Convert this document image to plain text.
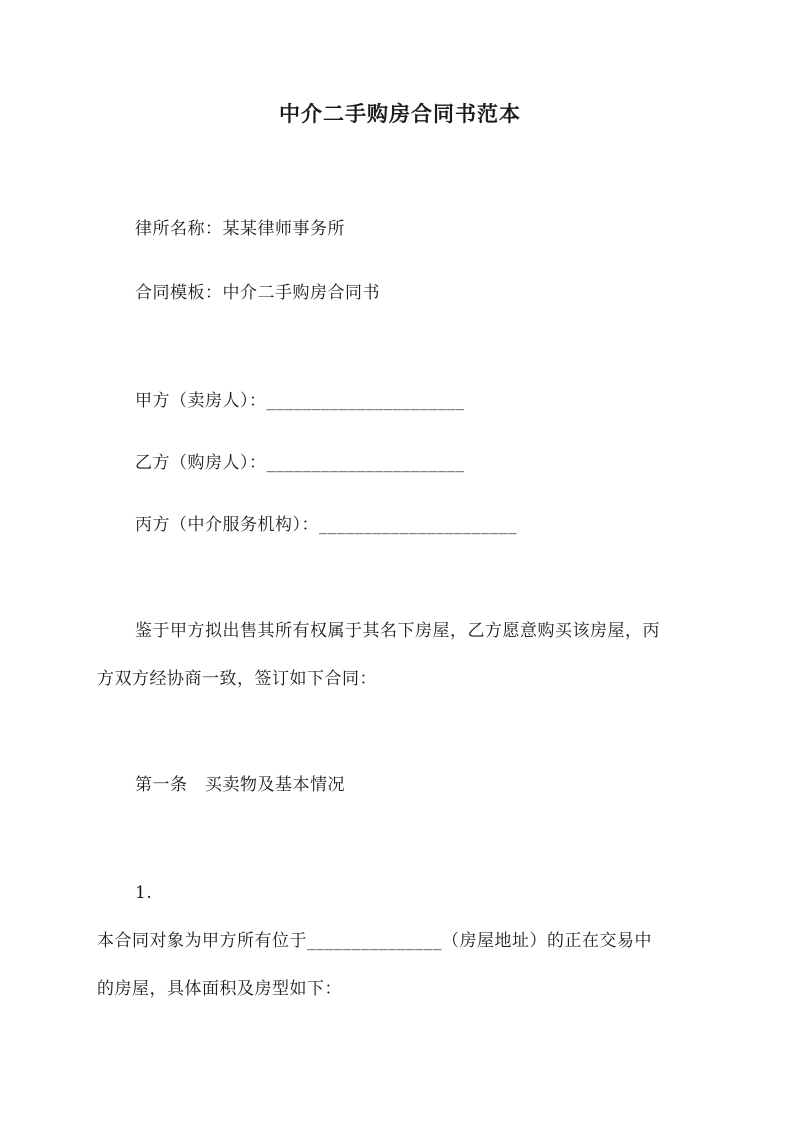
中介二手购房合同书范本
律所名称：某某律师事务所
合同模板：中介二手购房合同书
甲方（卖房人）：______________________
乙方（购房人）：______________________
丙方（中介服务机构）：______________________
鉴于甲方拟出售其所有权属于其名下房屋，乙方愿意购买该房屋，丙
方双方经协商一致，签订如下合同：
第一条　买卖物及基本情况
1.
本合同对象为甲方所有位于_______________（房屋地址）的正在交易中
的房屋，具体面积及房型如下：
